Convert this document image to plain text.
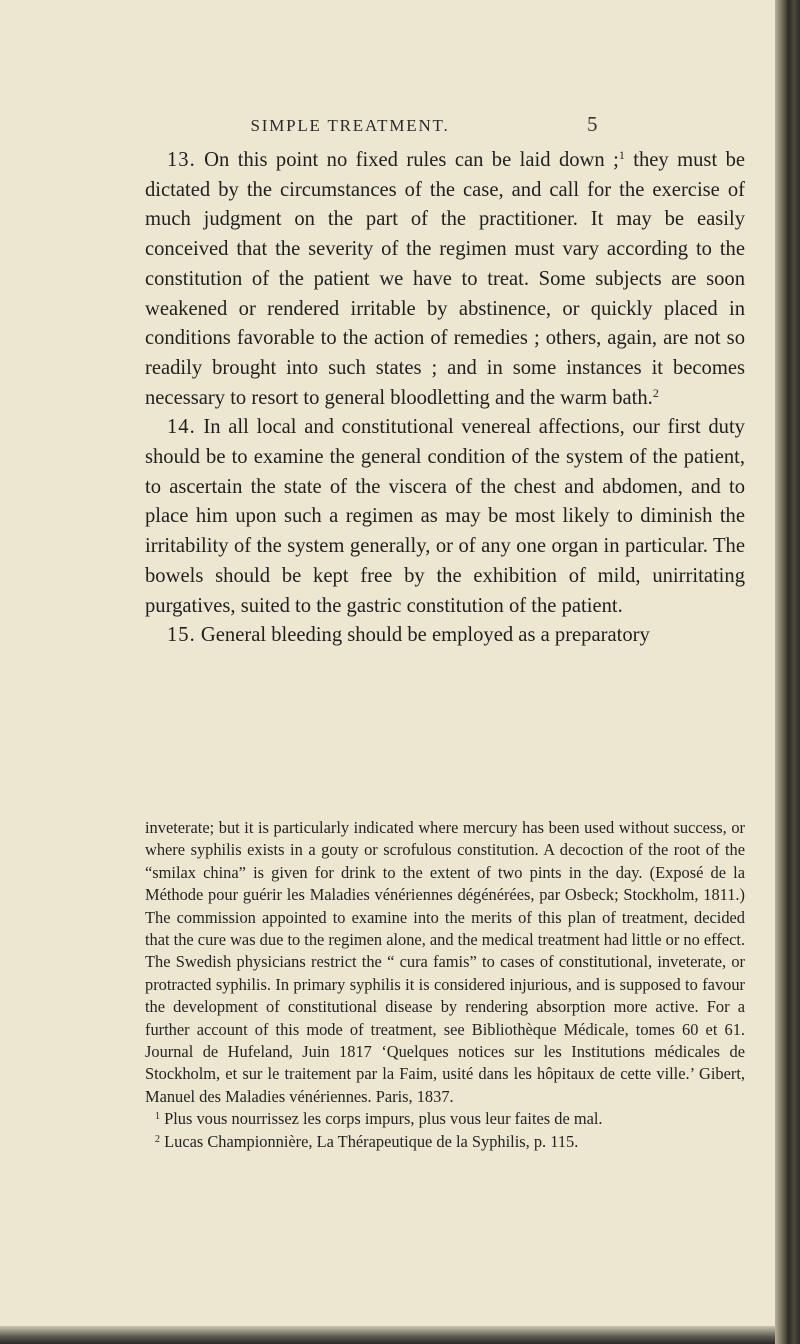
SIMPLE TREATMENT.	5

13. On this point no fixed rules can be laid down ;$^1$ they must be dictated by the circumstances of the case, and call for the exercise of much judgment on the part of the practitioner. It may be easily conceived that the severity of the regimen must vary according to the constitution of the patient we have to treat. Some subjects are soon weakened or rendered irritable by abstinence, or quickly placed in conditions favorable to the action of remedies ; others, again, are not so readily brought into such states ; and in some instances it becomes necessary to resort to general bloodletting and the warm bath.$^2$

14. In all local and constitutional venereal affections, our first duty should be to examine the general condition of the system of the patient, to ascertain the state of the viscera of the chest and abdomen, and to place him upon such a regimen as may be most likely to diminish the irritability of the system generally, or of any one organ in particular. The bowels should be kept free by the exhibition of mild, unirritating purgatives, suited to the gastric constitution of the patient.

15. General bleeding should be employed as a preparatory

inveterate; but it is particularly indicated where mercury has been used without success, or where syphilis exists in a gouty or scrofulous constitution. A decoction of the root of the “smilax china” is given for drink to the extent of two pints in the day. (Exposé de la Méthode pour guérir les Maladies vénériennes dégénérées, par Osbeck; Stockholm, 1811.) The commission appointed to examine into the merits of this plan of treatment, decided that the cure was due to the regimen alone, and the medical treatment had little or no effect. The Swedish physicians restrict the “ cura famis” to cases of constitutional, inveterate, or protracted syphilis. In primary syphilis it is considered injurious, and is supposed to favour the development of constitutional disease by rendering absorption more active. For a further account of this mode of treatment, see Bibliothèque Médicale, tomes 60 et 61. Journal de Hufeland, Juin 1817 ‘Quelques notices sur les Institutions médicales de Stockholm, et sur le traitement par la Faim, usité dans les hôpitaux de cette ville.’ Gibert, Manuel des Maladies vénériennes. Paris, 1837.

$^1$ Plus vous nourrissez les corps impurs, plus vous leur faites de mal.

$^2$ Lucas Championnière, La Thérapeutique de la Syphilis, p. 115.
